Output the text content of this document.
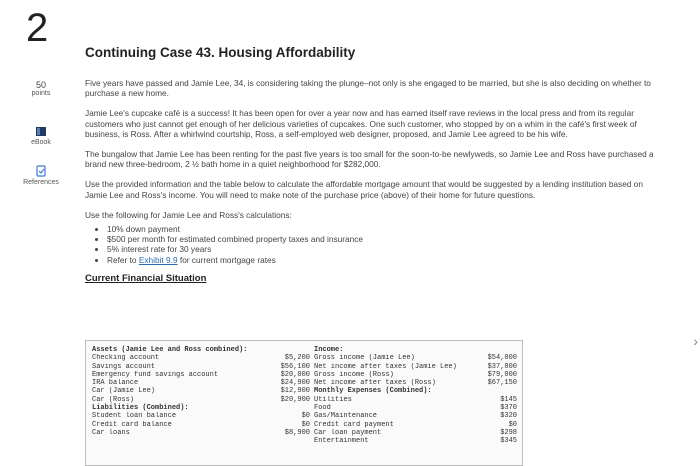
2
Continuing Case 43. Housing Affordability
50
points
eBook
References

Five years have passed and Jamie Lee, 34, is considering taking the plunge–not only is she engaged to be married, but she is also deciding on whether to purchase a new home.

Jamie Lee's cupcake café is a success! It has been open for over a year now and has earned itself rave reviews in the local press and from its regular customers who just cannot get enough of her delicious varieties of cupcakes. One such customer, who stopped by on a whim in the café's first week of business, is Ross. After a whirlwind courtship, Ross, a self-employed web designer, proposed, and Jamie Lee agreed to be his wife.

The bungalow that Jamie Lee has been renting for the past five years is too small for the soon-to-be newlyweds, so Jamie Lee and Ross have purchased a brand new three-bedroom, 2 ½ bath home in a quiet neighborhood for $282,000.

Use the provided information and the table below to calculate the affordable mortgage amount that would be suggested by a lending institution based on Jamie Lee and Ross's income. You will need to make note of the purchase price (above) of their home for future questions.

Use the following for Jamie Lee and Ross's calculations:

• 10% down payment
• $500 per month for estimated combined property taxes and insurance
• 5% interest rate for 30 years
• Refer to Exhibit 9.9 for current mortgage rates
Current Financial Situation
Assets (Jamie Lee and Ross combined):
Checking account	$5,200
Savings account	$56,100
Emergency fund savings account	$20,000
IRA balance	$24,900
Car (Jamie Lee)	$12,900
Car (Ross)	$20,900
Liabilities (Combined):
Student loan balance	$0
Credit card balance	$0
Car loans	$8,900
Income:
Gross income (Jamie Lee)	$54,000
Net income after taxes (Jamie Lee)	$37,800
Gross income (Ross)	$79,000
Net income after taxes (Ross)	$67,150
Monthly Expenses (Combined):
Utilities	$145
Food	$370
Gas/Maintenance	$320
Credit card payment	$0
Car loan payment	$298
Entertainment	$345
›
